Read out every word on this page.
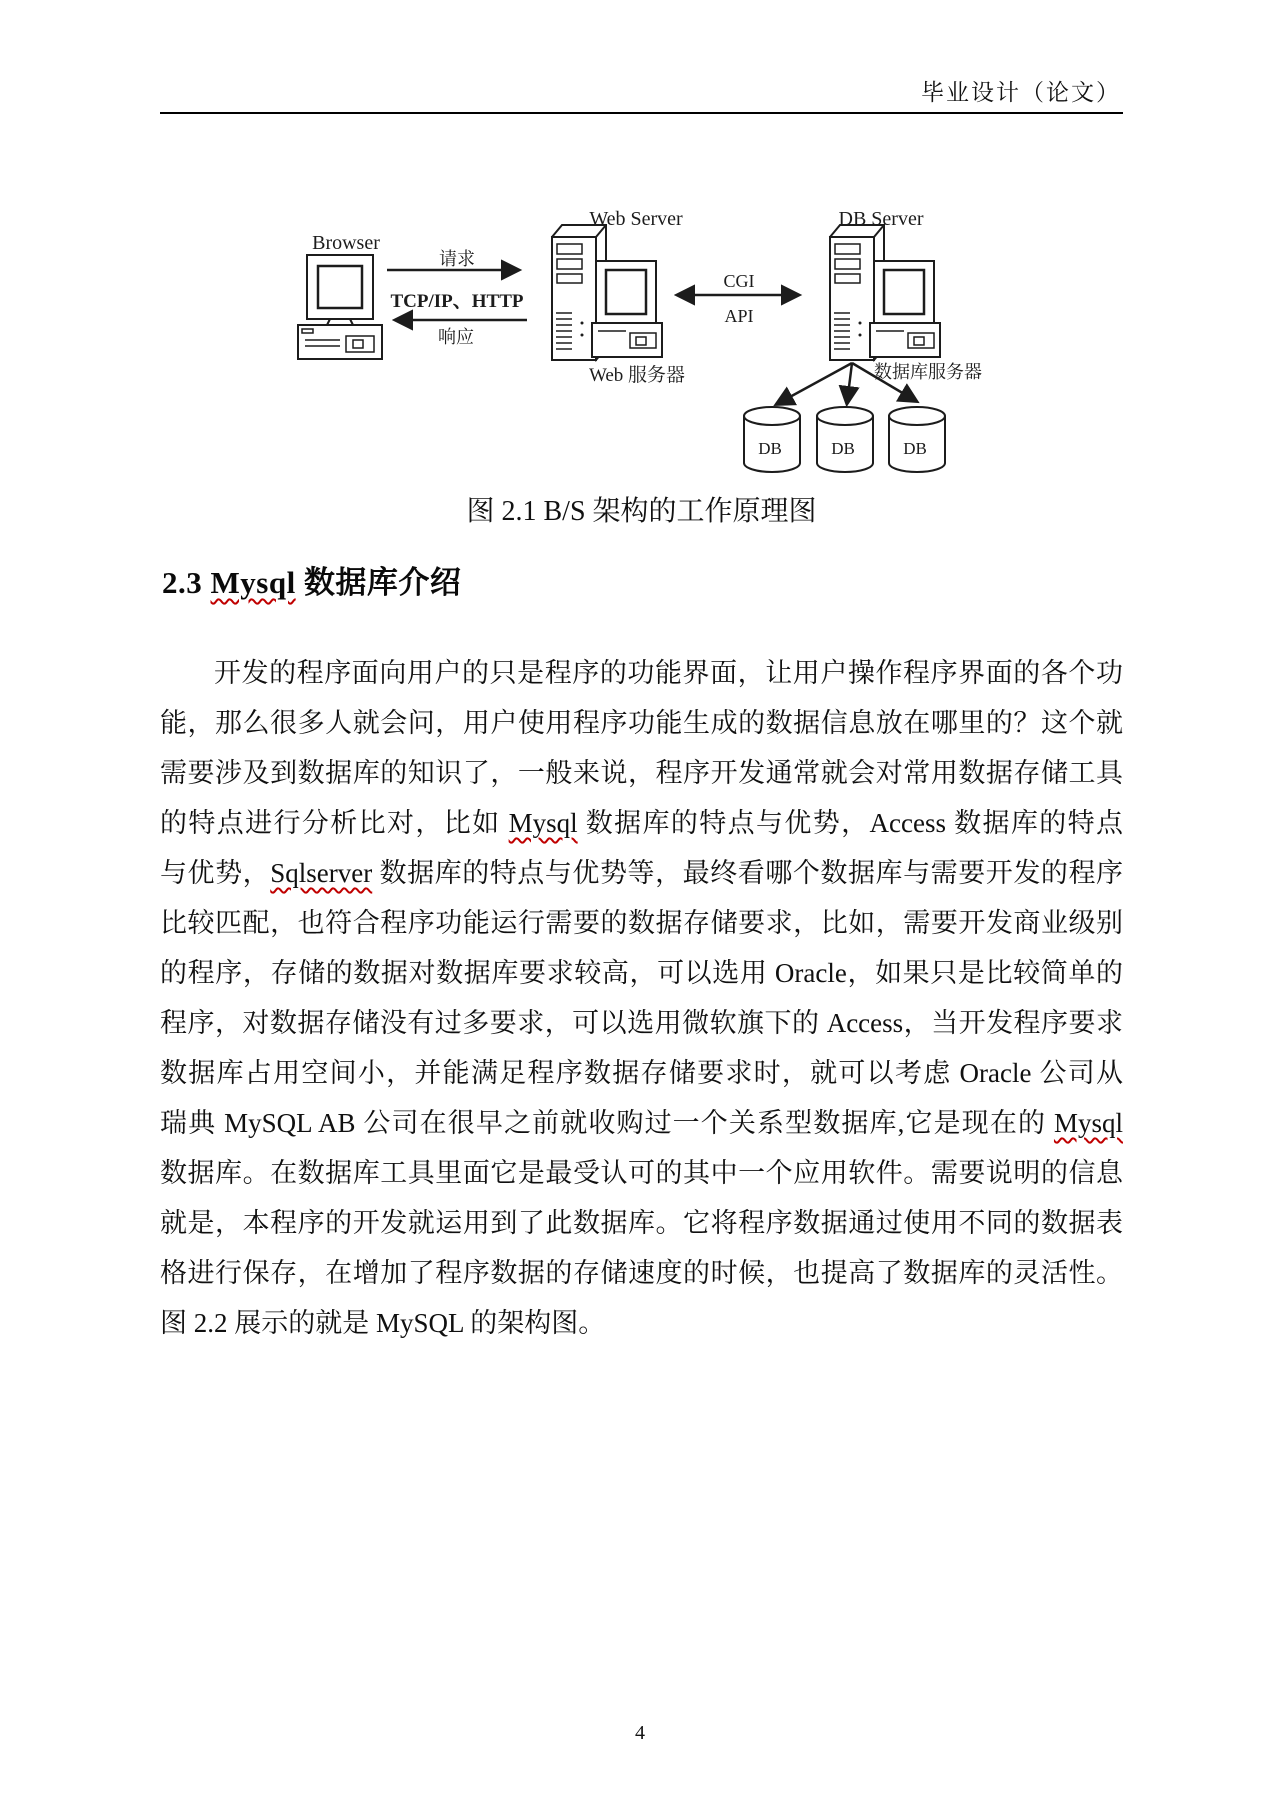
毕业设计（论文）
Browser
Web Server	DB Server
请求
TCP/IP、HTTP
响应
CGI
API
Web 服务器	数据库服务器
DB	DB	DB
图 2.1 B/S 架构的工作原理图
2.3 Mysql 数据库介绍
开发的程序面向用户的只是程序的功能界面，让用户操作程序界面的各个功
能，那么很多人就会问，用户使用程序功能生成的数据信息放在哪里的？这个就
需要涉及到数据库的知识了，一般来说，程序开发通常就会对常用数据存储工具
的特点进行分析比对，比如 Mysql 数据库的特点与优势，Access 数据库的特点
与优势，Sqlserver 数据库的特点与优势等，最终看哪个数据库与需要开发的程序
比较匹配，也符合程序功能运行需要的数据存储要求，比如，需要开发商业级别
的程序，存储的数据对数据库要求较高，可以选用 Oracle，如果只是比较简单的
程序，对数据存储没有过多要求，可以选用微软旗下的 Access，当开发程序要求
数据库占用空间小，并能满足程序数据存储要求时，就可以考虑 Oracle 公司从
瑞典 MySQL AB 公司在很早之前就收购过一个关系型数据库,它是现在的 Mysql
数据库。在数据库工具里面它是最受认可的其中一个应用软件。需要说明的信息
就是，本程序的开发就运用到了此数据库。它将程序数据通过使用不同的数据表
格进行保存，在增加了程序数据的存储速度的时候，也提高了数据库的灵活性。
图 2.2 展示的就是 MySQL 的架构图。
4
